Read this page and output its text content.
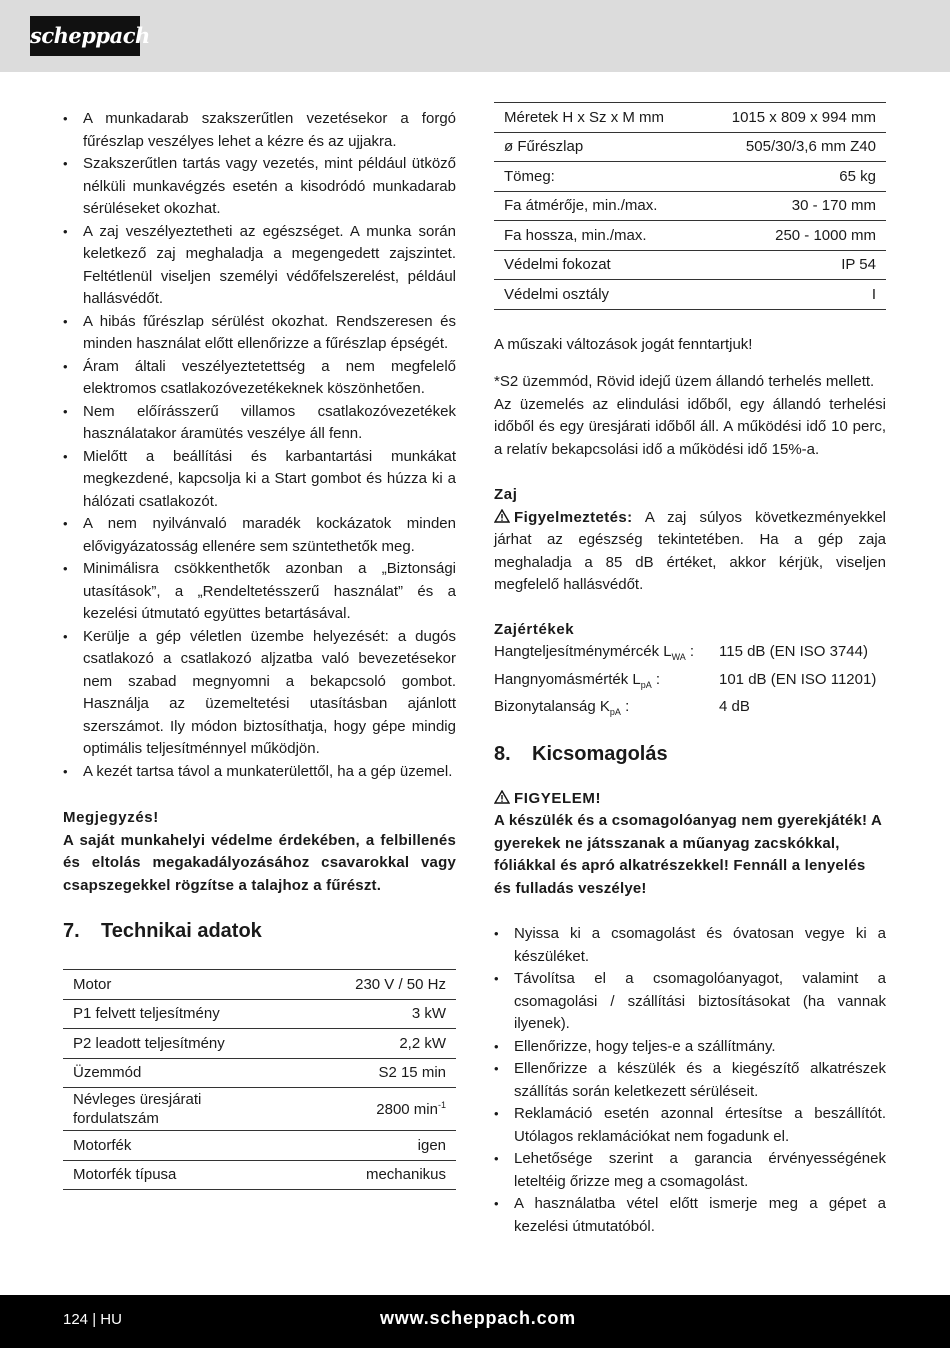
scheppach
• A munkadarab szakszerűtlen vezetésekor a forgó fűrészlap veszélyes lehet a kézre és az ujjakra.
• Szakszerűtlen tartás vagy vezetés, mint például ütköző nélküli munkavégzés esetén a kisodródó munkadarab sérüléseket okozhat.
• A zaj veszélyeztetheti az egészséget. A munka során keletkező zaj meghaladja a megengedett zajszintet. Feltétlenül viseljen személyi védőfelszerelést, például hallásvédőt.
• A hibás fűrészlap sérülést okozhat. Rendszeresen és minden használat előtt ellenőrizze a fűrészlap épségét.
• Áram általi veszélyeztetettség a nem megfelelő elektromos csatlakozóvezetékeknek köszönhetően.
• Nem előírásszerű villamos csatlakozóvezetékek használatakor áramütés veszélye áll fenn.
• Mielőtt a beállítási és karbantartási munkákat megkezdené, kapcsolja ki a Start gombot és húzza ki a hálózati csatlakozót.
• A nem nyilvánvaló maradék kockázatok minden elővigyázatosság ellenére sem szüntethetők meg.
• Minimálisra csökkenthetők azonban a „Biztonsági utasítások”, a „Rendeltetésszerű használat” és a kezelési útmutató együttes betartásával.
• Kerülje a gép véletlen üzembe helyezését: a dugós csatlakozó a csatlakozó aljzatba való bevezetésekor nem szabad megnyomni a bekapcsoló gombot. Használja az üzemeltetési utasításban ajánlott szerszámot. Ily módon biztosíthatja, hogy gépe mindig optimális teljesítménnyel működjön.
• A kezét tartsa távol a munkaterülettől, ha a gép üzemel.
Megjegyzés!
A saját munkahelyi védelme érdekében, a felbillenés és eltolás megakadályozásához csavarokkal vagy csapszegekkel rögzítse a talajhoz a fűrészt.
7.	Technikai adatok
Motor	230 V / 50 Hz
P1 felvett teljesítmény	3 kW
P2 leadott teljesítmény	2,2 kW
Üzemmód	S2 15 min
Névleges üresjárati fordulatszám	2800 $\min^{-1}$
Motorfék	igen
Motorfék típusa	mechanikus
Méretek H x Sz x M mm	1015 x 809 x 994 mm
ø Fűrészlap	505/30/3,6 mm Z40
Tömeg:	65 kg
Fa átmérője, min./max.	30 - 170 mm
Fa hossza, min./max.	250 - 1000 mm
Védelmi fokozat	IP 54
Védelmi osztály	I
A műszaki változások jogát fenntartjuk!
*S2 üzemmód, Rövid idejű üzem állandó terhelés mellett.
Az üzemelés az elindulási időből, egy állandó terhelési időből és egy üresjárati időből áll. A működési idő 10 perc, a relatív bekapcsolási idő a működési idő 15%-a.
Zaj
Figyelmeztetés: A zaj súlyos következményekkel járhat az egészség tekintetében. Ha a gép zaja meghaladja a 85 dB értéket, akkor kérjük, viseljen megfelelő hallásvédőt.
Zajértékek
Hangteljesítménymércék $L_{WA}$ :	115 dB (EN ISO 3744)
Hangnyomásmérték $L_{pA}$ :	101 dB (EN ISO 11201)
Bizonytalanság $K_{pA}$ :	4 dB
8.	Kicsomagolás
FIGYELEM!
A készülék és a csomagolóanyag nem gyerekjáték! A gyerekek ne játsszanak a műanyag zacskókkal, fóliákkal és apró alkatrészekkel! Fennáll a lenyelés és fulladás veszélye!
• Nyissa ki a csomagolást és óvatosan vegye ki a készüléket.
• Távolítsa el a csomagolóanyagot, valamint a csomagolási / szállítási biztosításokat (ha vannak ilyenek).
• Ellenőrizze, hogy teljes-e a szállítmány.
• Ellenőrizze a készülék és a kiegészítő alkatrészek szállítás során keletkezett sérüléseit.
• Reklamáció esetén azonnal értesítse a beszállítót. Utólagos reklamációkat nem fogadunk el.
• Lehetősége szerint a garancia érvényességének leteltéig őrizze meg a csomagolást.
• A használatba vétel előtt ismerje meg a gépet a kezelési útmutatóból.
124 | HU	www.scheppach.com
